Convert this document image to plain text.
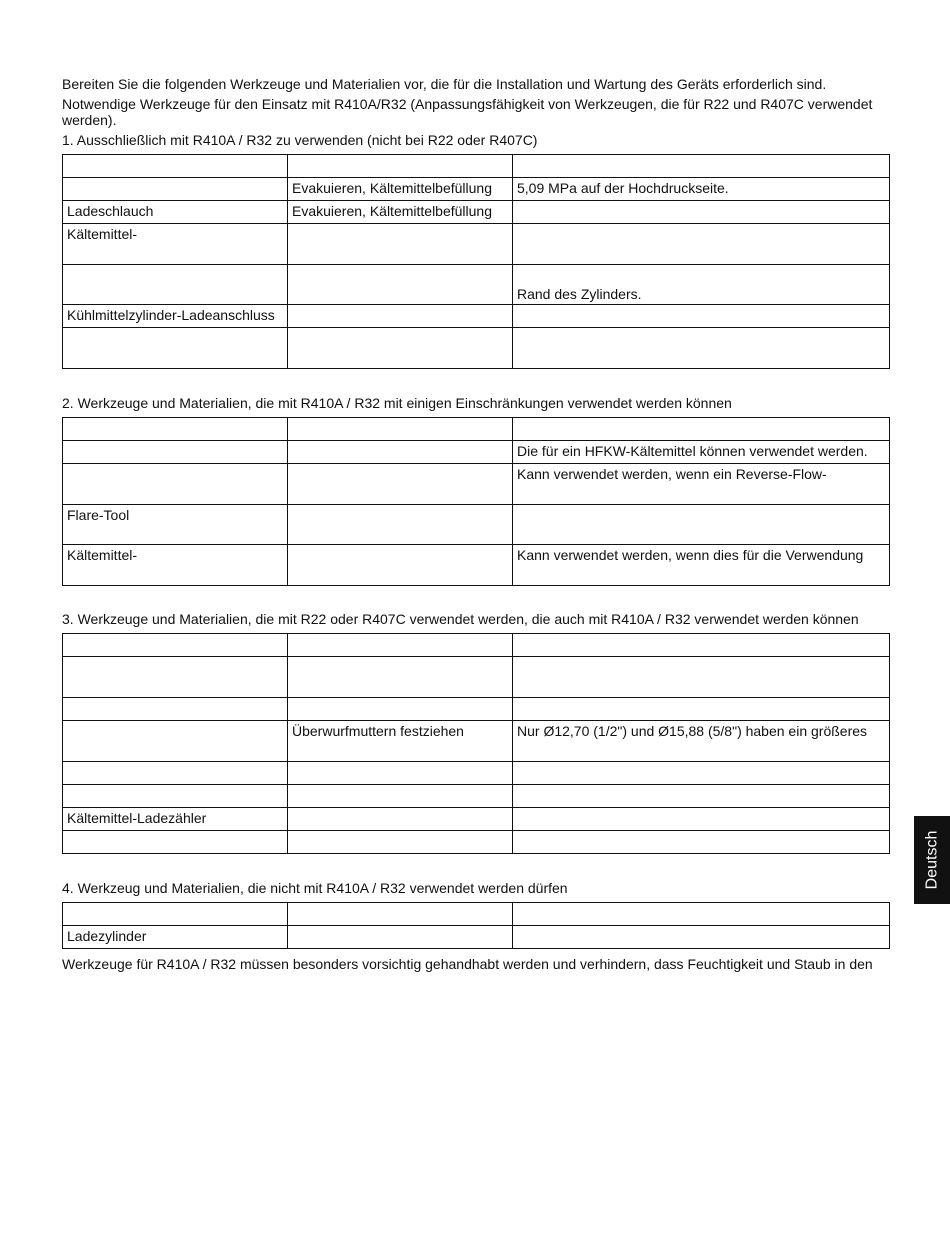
Bereiten Sie die folgenden Werkzeuge und Materialien vor, die für die Installation und Wartung des Geräts erforderlich sind.
Notwendige Werkzeuge für den Einsatz mit R410A/R32 (Anpassungsfähigkeit von Werkzeugen, die für R22 und R407C verwendet werden).
1. Ausschließlich mit R410A / R32 zu verwenden (nicht bei R22 oder R407C)

	Evakuieren, Kältemittelbefüllung	5,09 MPa auf der Hochdruckseite.
Ladeschlauch	Evakuieren, Kältemittelbefüllung	
Kältemittel-		
		Rand des Zylinders.
Kühlmittelzylinder-Ladeanschluss		

2. Werkzeuge und Materialien, die mit R410A / R32 mit einigen Einschränkungen verwendet werden können

		Die für ein HFKW-Kältemittel können verwendet werden.
		Kann verwendet werden, wenn ein Reverse-Flow-
Flare-Tool		
Kältemittel-		Kann verwendet werden, wenn dies für die Verwendung
3. Werkzeuge und Materialien, die mit R22 oder R407C verwendet werden, die auch mit R410A / R32 verwendet werden können

	Überwurfmuttern festziehen	Nur Ø12,70 (1/2") und Ø15,88 (5/8") haben ein größeres

Kältemittel-Ladezähler		

4. Werkzeug und Materialien, die nicht mit R410A / R32 verwendet werden dürfen

Ladezylinder		
Werkzeuge für R410A / R32 müssen besonders vorsichtig gehandhabt werden und verhindern, dass Feuchtigkeit und Staub in den
Deutsch
